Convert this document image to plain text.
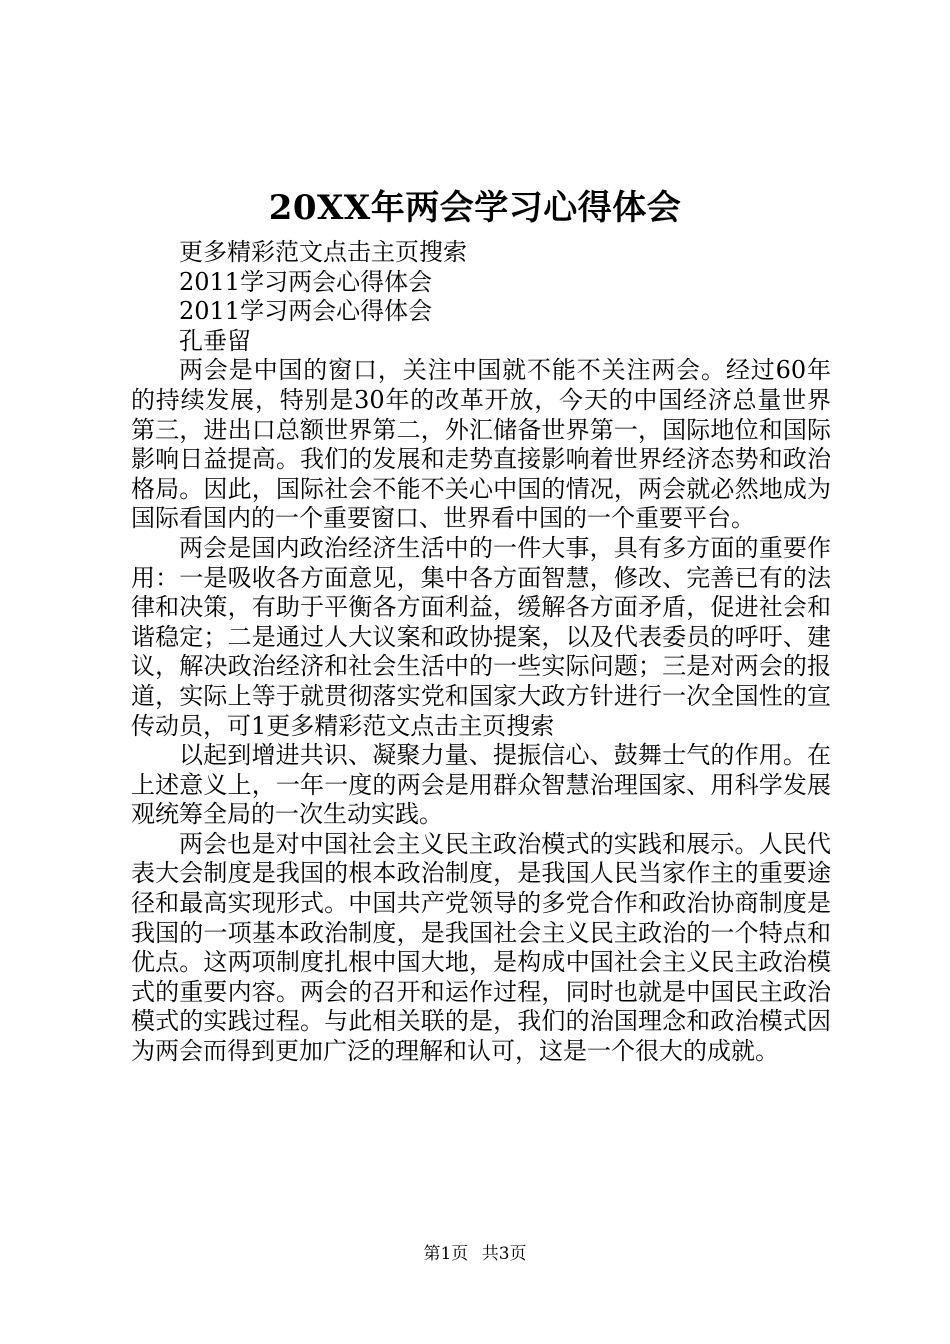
20XX年两会学习心得体会

更多精彩范文点击主页搜索

2011学习两会心得体会

2011学习两会心得体会

孔垂留

两会是中国的窗口，关注中国就不能不关注两会。经过60年的持续发展，特别是30年的改革开放，今天的中国经济总量世界第三，进出口总额世界第二，外汇储备世界第一，国际地位和国际影响日益提高。我们的发展和走势直接影响着世界经济态势和政治格局。因此，国际社会不能不关心中国的情况，两会就必然地成为国际看国内的一个重要窗口、世界看中国的一个重要平台。

两会是国内政治经济生活中的一件大事，具有多方面的重要作用：一是吸收各方面意见，集中各方面智慧，修改、完善已有的法律和决策，有助于平衡各方面利益，缓解各方面矛盾，促进社会和谐稳定；二是通过人大议案和政协提案，以及代表委员的呼吁、建议，解决政治经济和社会生活中的一些实际问题；三是对两会的报道，实际上等于就贯彻落实党和国家大政方针进行一次全国性的宣传动员，可1更多精彩范文点击主页搜索

以起到增进共识、凝聚力量、提振信心、鼓舞士气的作用。在上述意义上，一年一度的两会是用群众智慧治理国家、用科学发展观统筹全局的一次生动实践。

两会也是对中国社会主义民主政治模式的实践和展示。人民代表大会制度是我国的根本政治制度，是我国人民当家作主的重要途径和最高实现形式。中国共产党领导的多党合作和政治协商制度是我国的一项基本政治制度，是我国社会主义民主政治的一个特点和优点。这两项制度扎根中国大地，是构成中国社会主义民主政治模式的重要内容。两会的召开和运作过程，同时也就是中国民主政治模式的实践过程。与此相关联的是，我们的治国理念和政治模式因为两会而得到更加广泛的理解和认可，这是一个很大的成就。

第1页 共3页
